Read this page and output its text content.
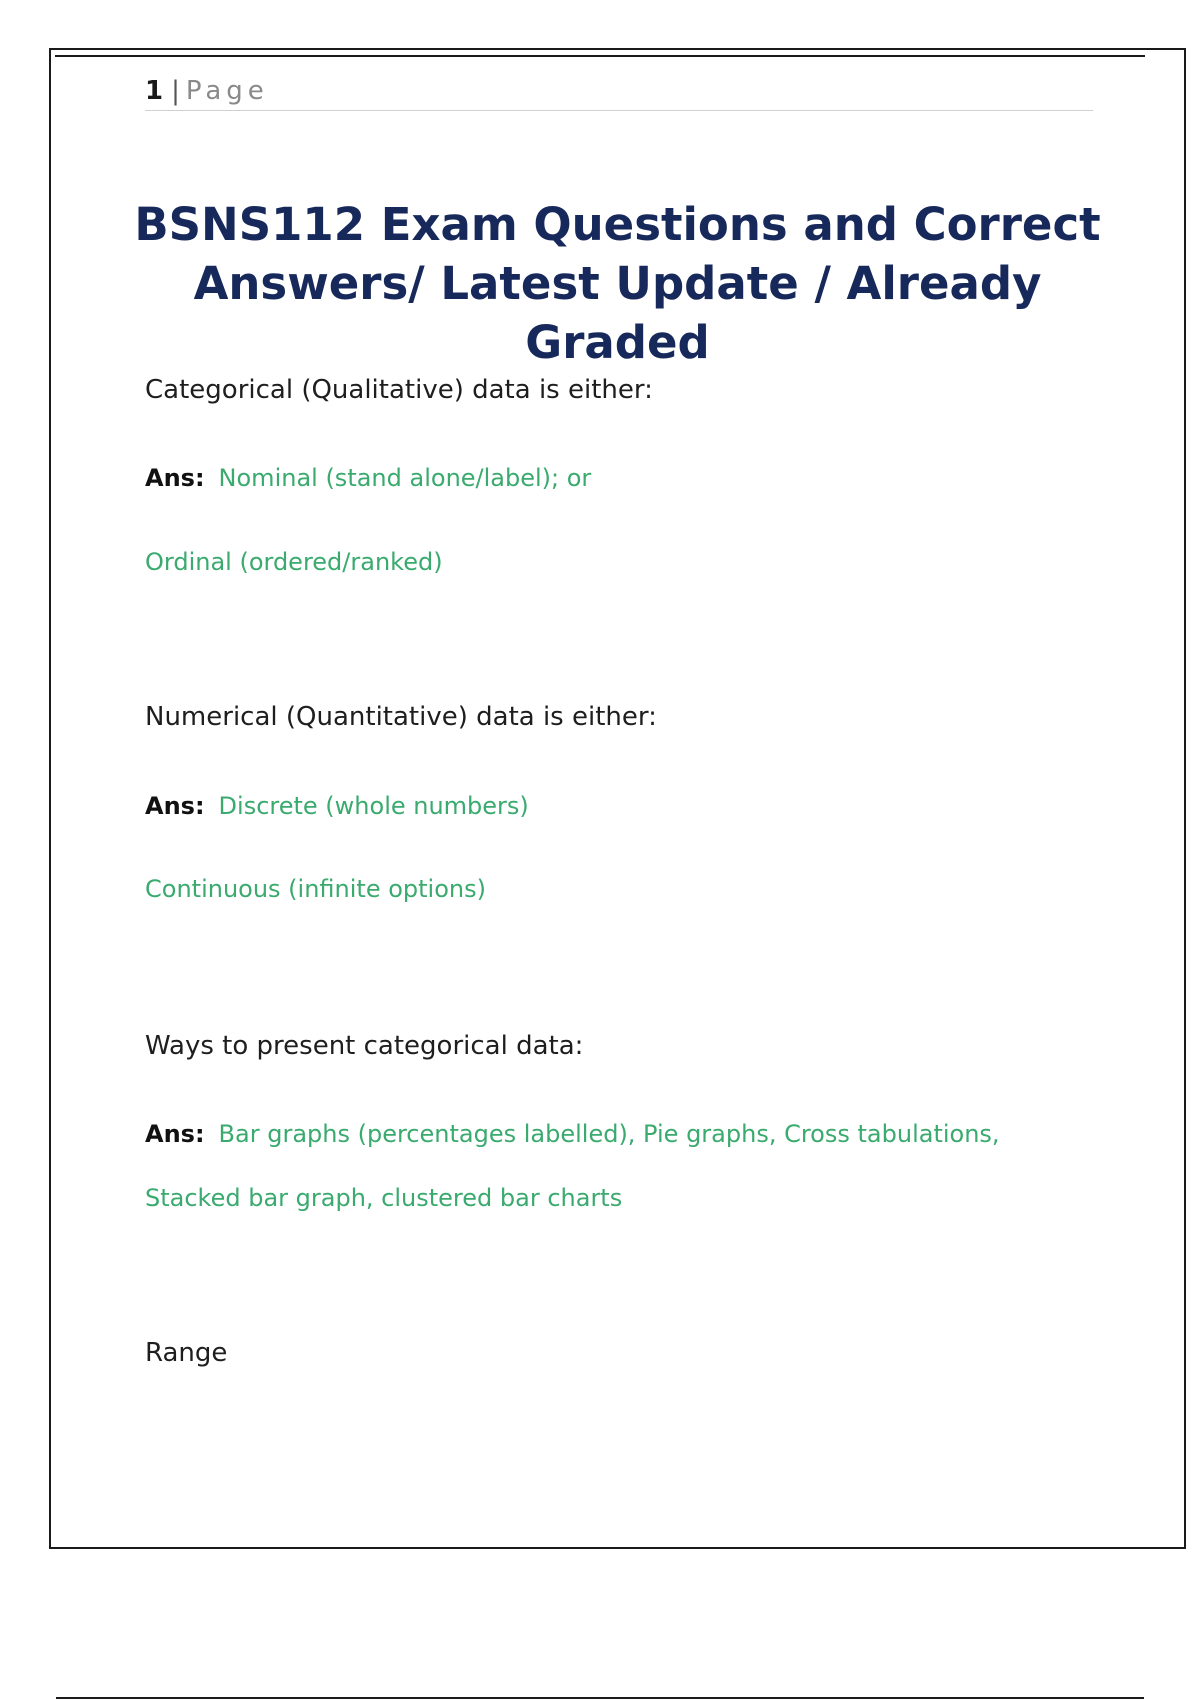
1 | Page
BSNS112 Exam Questions and Correct
Answers/ Latest Update / Already
Graded
Categorical (Qualitative) data is either:
Ans: Nominal (stand alone/label); or
Ordinal (ordered/ranked)
Numerical (Quantitative) data is either:
Ans: Discrete (whole numbers)
Continuous (infinite options)
Ways to present categorical data:
Ans: Bar graphs (percentages labelled), Pie graphs, Cross tabulations,
Stacked bar graph, clustered bar charts
Range
